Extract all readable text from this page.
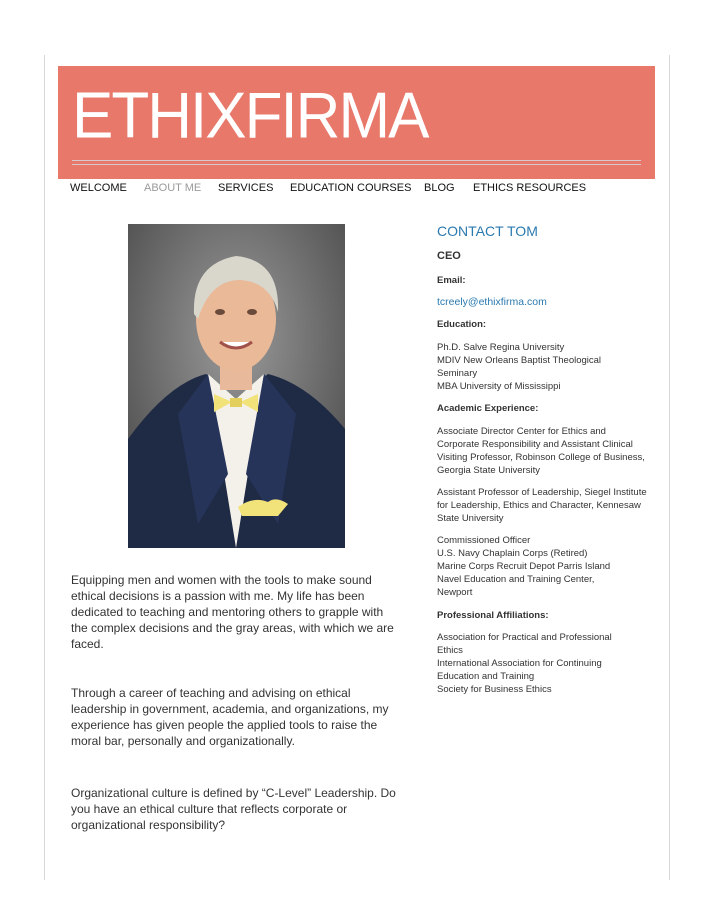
ETHIXFIRMA
WELCOME ABOUT ME SERVICES EDUCATION COURSES BLOG ETHICS RESOURCES

Equipping men and women with the tools to make sound ethical decisions is a passion with me. My life has been dedicated to teaching and mentoring others to grapple with the complex decisions and the gray areas, with which we are faced.

Through a career of teaching and advising on ethical leadership in government, academia, and organizations, my experience has given people the applied tools to raise the moral bar, personally and organizationally.

Organizational culture is defined by “C-Level” Leadership. Do you have an ethical culture that reflects corporate or organizational responsibility?

CONTACT TOM
CEO
Email:
tcreely@ethixfirma.com
Education:
Ph.D. Salve Regina University
MDIV New Orleans Baptist Theological Seminary
MBA University of Mississippi
Academic Experience:
Associate Director Center for Ethics and Corporate Responsibility and Assistant Clinical Visiting Professor, Robinson College of Business, Georgia State University
Assistant Professor of Leadership, Siegel Institute for Leadership, Ethics and Character, Kennesaw State University
Commissioned Officer
U.S. Navy Chaplain Corps (Retired)
Marine Corps Recruit Depot Parris Island
Navel Education and Training Center, Newport
Professional Affiliations:
Association for Practical and Professional Ethics
International Association for Continuing Education and Training
Society for Business Ethics
